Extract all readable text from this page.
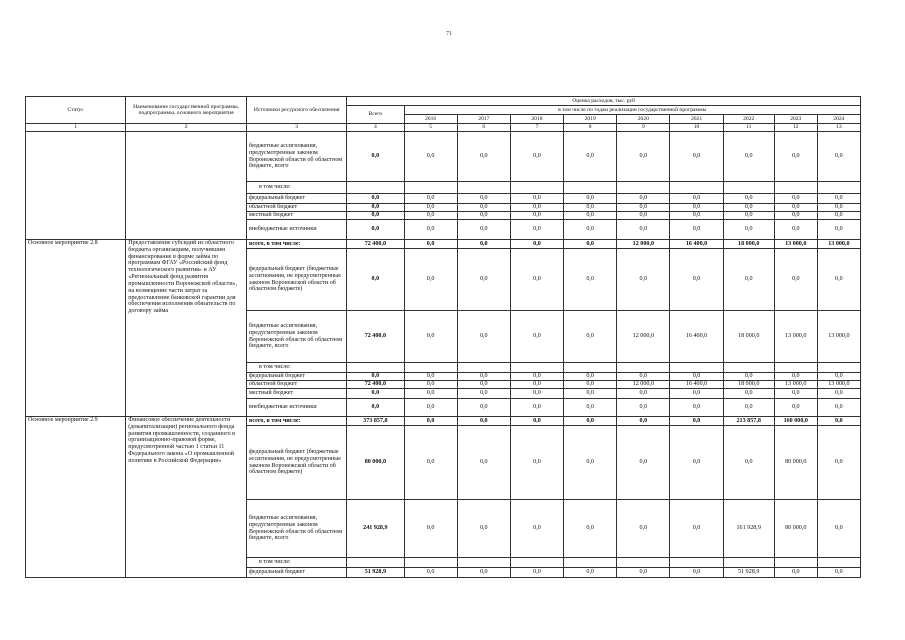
71
Статус	Наименование государственной программы, подпрограммы, основного мероприятия	Источники ресурсного обеспечения	Оценка расходов, тыс. руб									
			Всего	в том числе по годам реализации государственной программы								
				2016	2017	2018	2019	2020	2021	2022	2023	2024
1	2	3	4	5	6	7	8	9	10	11	12	13
		бюджетные ассигнования, предусмотренные законом Воронежской области об областном бюджете, всего	0,0	0,0	0,0	0,0	0,0	0,0	0,0	0,0	0,0	0,0
		в том числе:										
		федеральный бюджет	0,0	0,0	0,0	0,0	0,0	0,0	0,0	0,0	0,0	0,0
		областной бюджет	0,0	0,0	0,0	0,0	0,0	0,0	0,0	0,0	0,0	0,0
		местный бюджет	0,0	0,0	0,0	0,0	0,0	0,0	0,0	0,0	0,0	0,0
		внебюджетные источники	0,0	0,0	0,0	0,0	0,0	0,0	0,0	0,0	0,0	0,0
Основное мероприятие 2.8	Предоставление субсидий из областного бюджета организациям, получившим финансирование в форме займа по программам ФГАУ «Российский фонд технологического развития» и АУ «Региональный фонд развития промышленности Воронежской области», на возмещение части затрат за предоставление банковской гарантии для обеспечения исполнения обязательств по договору займа	всего, в том числе:	72 400,0	0,0	0,0	0,0	0,0	12 000,0	16 400,0	18 000,0	13 000,0	13 000,0
		федеральный бюджет (бюджетные ассигнования, не предусмотренные законом Воронежской области об областном бюджете)	0,0	0,0	0,0	0,0	0,0	0,0	0,0	0,0	0,0	0,0
		бюджетные ассигнования, предусмотренные законом Воронежской области об областном бюджете, всего	72 400,0	0,0	0,0	0,0	0,0	12 000,0	16 400,0	18 000,0	13 000,0	13 000,0
		в том числе:										
		федеральный бюджет	0,0	0,0	0,0	0,0	0,0	0,0	0,0	0,0	0,0	0,0
		областной бюджет	72 400,0	0,0	0,0	0,0	0,0	12 000,0	16 400,0	18 000,0	13 000,0	13 000,0
		местный бюджет	0,0	0,0	0,0	0,0	0,0	0,0	0,0	0,0	0,0	0,0
		внебюджетные источники	0,0	0,0	0,0	0,0	0,0	0,0	0,0	0,0	0,0	0,0
Основное мероприятие 2.9	Финансовое обеспечение деятельности (докапитализации) регионального фонда развития промышленности, созданного в организационно-правовой форме, предусмотренной частью 1 статьи 11 Федерального закона «О промышленной политике в Российской Федерации»	всего, в том числе:	373 857,8	0,0	0,0	0,0	0,0	0,0	0,0	213 857,8	160 000,0	0,0
		федеральный бюджет (бюджетные ассигнования, не предусмотренные законом Воронежской области об областном бюджете)	80 000,0	0,0	0,0	0,0	0,0	0,0	0,0	0,0	80 000,0	0,0
		бюджетные ассигнования, предусмотренные законом Воронежской области об областном бюджете, всего	241 928,9	0,0	0,0	0,0	0,0	0,0	0,0	161 928,9	80 000,0	0,0
		в том числе:										
		федеральный бюджет	51 928,9	0,0	0,0	0,0	0,0	0,0	0,0	51 928,9	0,0	0,0
